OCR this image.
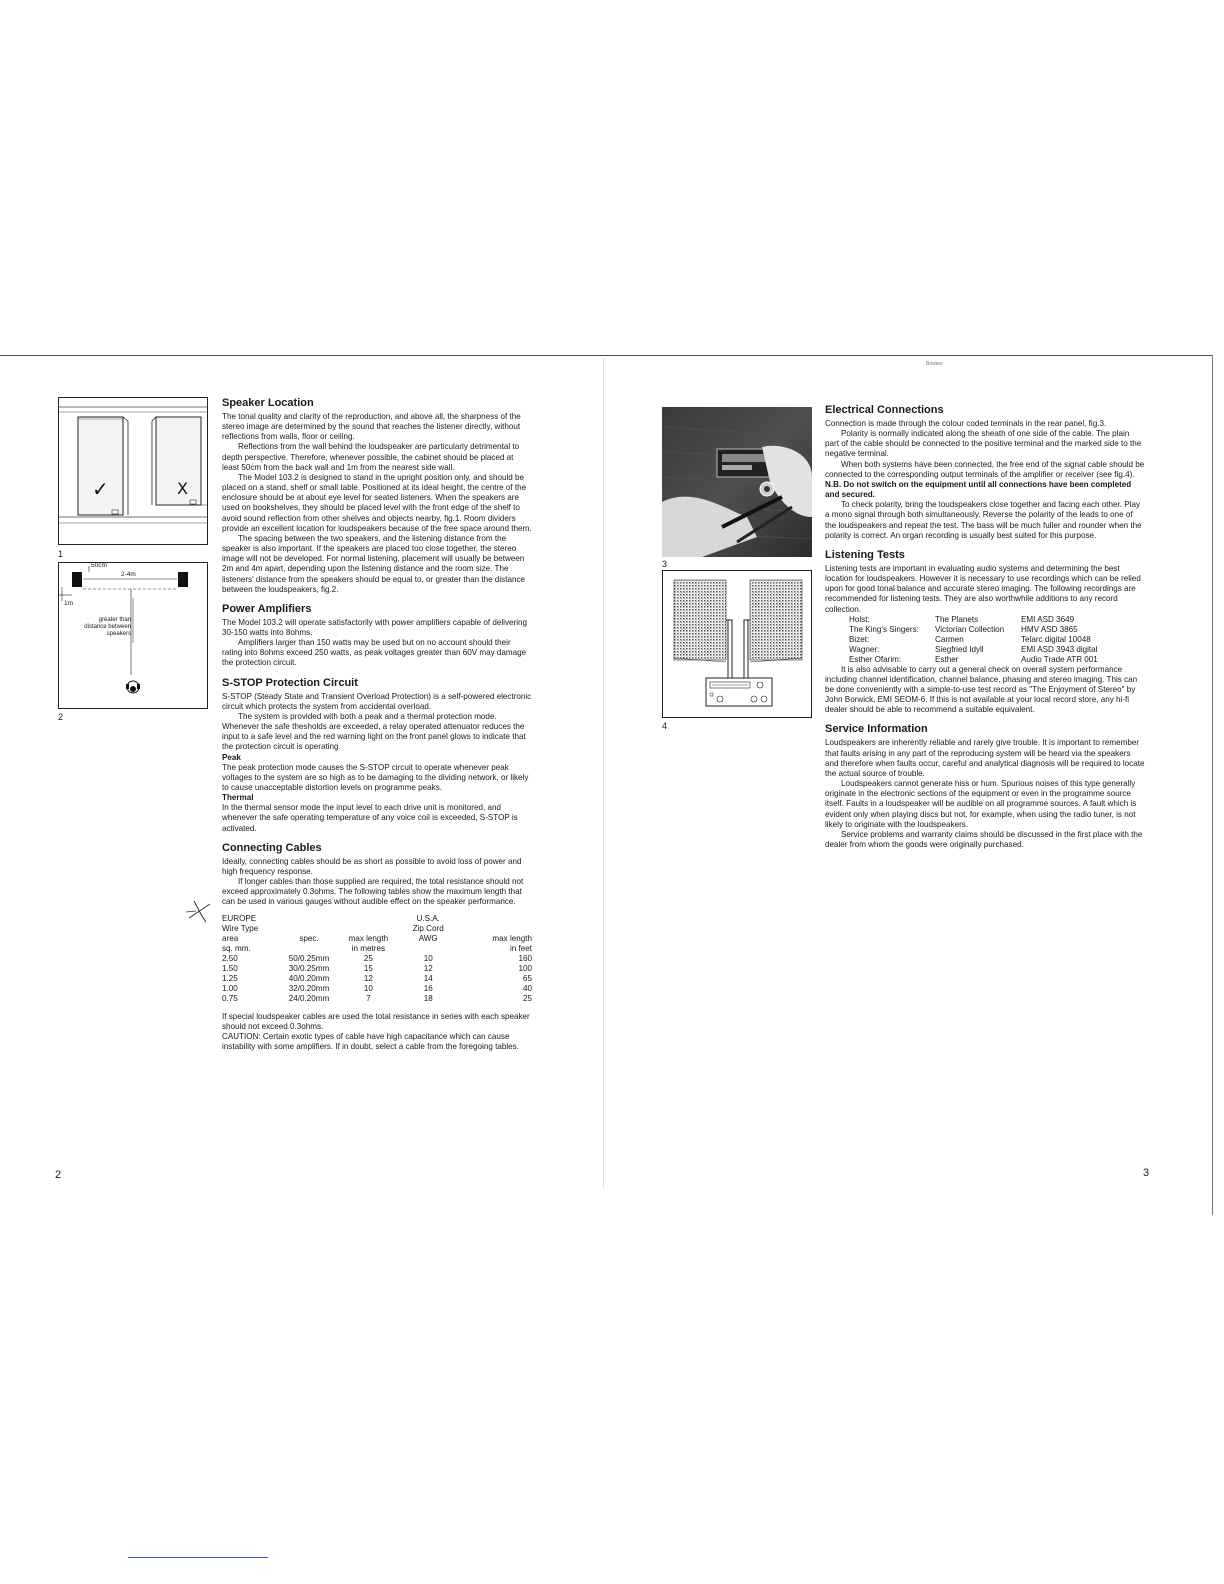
Bowers
✓	X
1
50cm
2-4m
1m
greater than distance between speakers
2
Speaker Location

The tonal quality and clarity of the reproduction, and above all, the sharpness of the stereo image are determined by the sound that reaches the listener directly, without reflections from walls, floor or ceiling.

Reflections from the wall behind the loudspeaker are particularly detrimental to depth perspective. Therefore, whenever possible, the cabinet should be placed at least 50cm from the back wall and 1m from the nearest side wall.

The Model 103.2 is designed to stand in the upright position only, and should be placed on a stand, shelf or small table. Positioned at its ideal height, the centre of the enclosure should be at about eye level for seated listeners. When the speakers are used on bookshelves, they should be placed level with the front edge of the shelf to avoid sound reflection from other shelves and objects nearby, fig.1. Room dividers provide an excellent location for loudspeakers because of the free space around them.

The spacing between the two speakers, and the listening distance from the speaker is also important. If the speakers are placed too close together, the stereo image will not be developed. For normal listening, placement will usually be between 2m and 4m apart, depending upon the listening distance and the room size. The listeners' distance from the speakers should be equal to, or greater than the distance between the loudspeakers, fig.2.

Power Amplifiers

The Model 103.2 will operate satisfactorily with power amplifiers capable of delivering 30-150 watts into 8ohms.

Amplifiers larger than 150 watts may be used but on no account should their rating into 8ohms exceed 250 watts, as peak voltages greater than 60V may damage the protection circuit.

S-STOP Protection Circuit

S-STOP (Steady State and Transient Overload Protection) is a self-powered electronic circuit which protects the system from accidental overload.

The system is provided with both a peak and a thermal protection mode. Whenever the safe thesholds are exceeded, a relay operated attenuator reduces the input to a safe level and the red warning light on the front panel glows to indicate that the protection circuit is operating.

Peak

The peak protection mode causes the S-STOP circuit to operate whenever peak voltages to the system are so high as to be damaging to the dividing network, or likely to cause unacceptable distortion levels on programme peaks.

Thermal

In the thermal sensor mode the input level to each drive unit is monitored, and whenever the safe operating temperature of any voice coil is exceeded, S-STOP is activated.

Connecting Cables

Ideally, connecting cables should be as short as possible to avoid loss of power and high frequency response.

If longer cables than those supplied are required, the total resistance should not exceed approximately 0.3ohms. The following tables show the maximum length that can be used in various gauges without audible effect on the speaker performance.

EUROPE			U.S.A.	
Wire Type			Zip Cord	
area	spec.	max length	AWG	max length
sq. mm.		in metres		in feet
2.50	50/0.25mm	25	10	160
1.50	30/0.25mm	15	12	100
1.25	40/0.20mm	12	14	65
1.00	32/0.20mm	10	16	40
0.75	24/0.20mm	7	18	25

If special loudspeaker cables are used the total resistance in series with each speaker should not exceed 0.3ohms.

CAUTION: Certain exotic types of cable have high capacitance which can cause instability with some amplifiers. If in doubt, select a cable from the foregoing tables.

2
3
4
Electrical Connections

Connection is made through the colour coded terminals in the rear panel, fig.3.

Polarity is normally indicated along the sheath of one side of the cable. The plain part of the cable should be connected to the positive terminal and the marked side to the negative terminal.

When both systems have been connected, the free end of the signal cable should be connected to the corresponding output terminals of the amplifier or receiver (see fig.4).

N.B. Do not switch on the equipment until all connections have been completed and secured.

To check polarity, bring the loudspeakers close together and facing each other. Play a mono signal through both simultaneously. Reverse the polarity of the leads to one of the loudspeakers and repeat the test. The bass will be much fuller and rounder when the polarity is correct. An organ recording is usually best suited for this purpose.

Listening Tests

Listening tests are important in evaluating audio systems and determining the best location for loudspeakers. However it is necessary to use recordings which can be relied upon for good tonal balance and accurate stereo imaging. The following recordings are recommended for listening tests. They are also worthwhile additions to any record collection.

Holst:	The Planets	EMI ASD 3649
The King's Singers:	Victorian Collection	HMV ASD 3865
Bizet:	Carmen	Telarc digital 10048
Wagner:	Siegfried Idyll	EMI ASD 3943 digital
Esther Ofarim:	Esther	Audio Trade ATR 001

It is also advisable to carry out a general check on overall system performance including channel identification, channel balance, phasing and stereo imaging. This can be done conveniently with a simple-to-use test record as "The Enjoyment of Stereo" by John Borwick, EMI SEOM-6. If this is not available at your local record store, any hi-fi dealer should be able to recommend a suitable equivalent.

Service Information

Loudspeakers are inherently reliable and rarely give trouble. It is important to remember that faults arising in any part of the reproducing system will be heard via the speakers and therefore when faults occur, careful and analytical diagnosis will be required to locate the actual source of trouble.

Loudspeakers cannot generate hiss or hum. Spurious noises of this type generally originate in the electronic sections of the equipment or even in the programme source itself. Faults in a loudspeaker will be audible on all programme sources. A fault which is evident only when playing discs but not, for example, when using the radio tuner, is not likely to originate with the loudspeakers.

Service problems and warranty claims should be discussed in the first place with the dealer from whom the goods were originally purchased.

3
